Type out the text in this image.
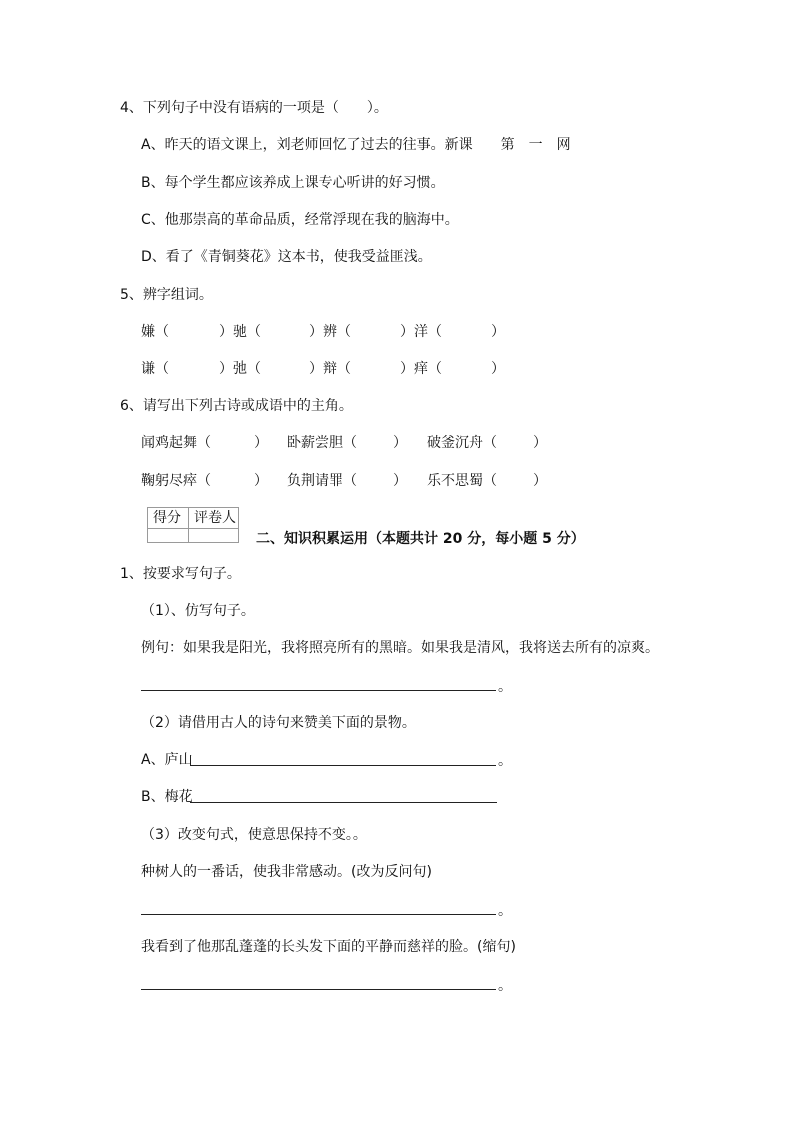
4、下列句子中没有语病的一项是（　　）。
A、昨天的语文课上，刘老师回忆了过去的往事。新课　　第　一　网
B、每个学生都应该养成上课专心听讲的好习惯。
C、他那崇高的革命品质，经常浮现在我的脑海中。
D、看了《青铜葵花》这本书，使我受益匪浅。
5、辨字组词。
嫌（	）驰（	）辨（	）洋（	）
谦（	）弛（	）辩（	）痒（	）
6、请写出下列古诗或成语中的主角。
闻鸡起舞（	） 卧薪尝胆（	） 破釜沉舟（	）
鞠躬尽瘁（	） 负荆请罪（	） 乐不思蜀（	）
得分 评卷人
二、知识积累运用（本题共计 20 分，每小题 5 分）
1、按要求写句子。
（1）、仿写句子。
例句：如果我是阳光，我将照亮所有的黑暗。如果我是清风，我将送去所有的凉爽。
。
（2）请借用古人的诗句来赞美下面的景物。
A、庐山	。
B、梅花
（3）改变句式，使意思保持不变。。
种树人的一番话，使我非常感动。(改为反问句)
。
我看到了他那乱蓬蓬的长头发下面的平静而慈祥的脸。(缩句)
。
